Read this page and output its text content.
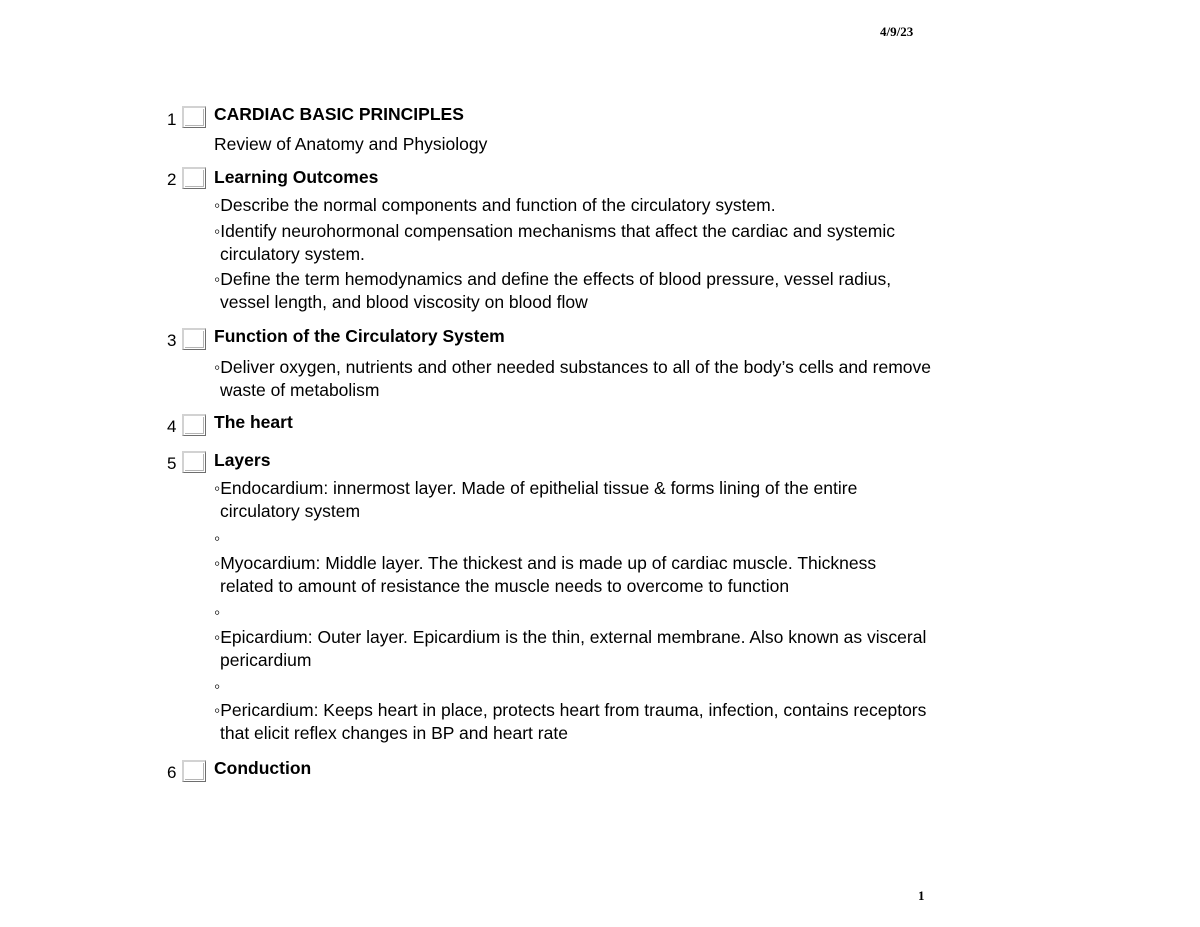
4/9/23
1 CARDIAC BASIC PRINCIPLES
Review of Anatomy and Physiology
2 Learning Outcomes
◦Describe the normal components and function of the circulatory system.
◦Identify neurohormonal compensation mechanisms that affect the cardiac and systemic
circulatory system.
◦Define the term hemodynamics and define the effects of blood pressure, vessel radius,
vessel length, and blood viscosity on blood flow
3 Function of the Circulatory System
◦Deliver oxygen, nutrients and other needed substances to all of the body’s cells and remove
waste of metabolism
4 The heart
5 Layers
◦Endocardium: innermost layer. Made of epithelial tissue & forms lining of the entire
circulatory system
◦
◦Myocardium: Middle layer. The thickest and is made up of cardiac muscle. Thickness
related to amount of resistance the muscle needs to overcome to function
◦
◦Epicardium: Outer layer. Epicardium is the thin, external membrane. Also known as visceral
pericardium
◦
◦Pericardium: Keeps heart in place, protects heart from trauma, infection, contains receptors
that elicit reflex changes in BP and heart rate
6 Conduction
1
